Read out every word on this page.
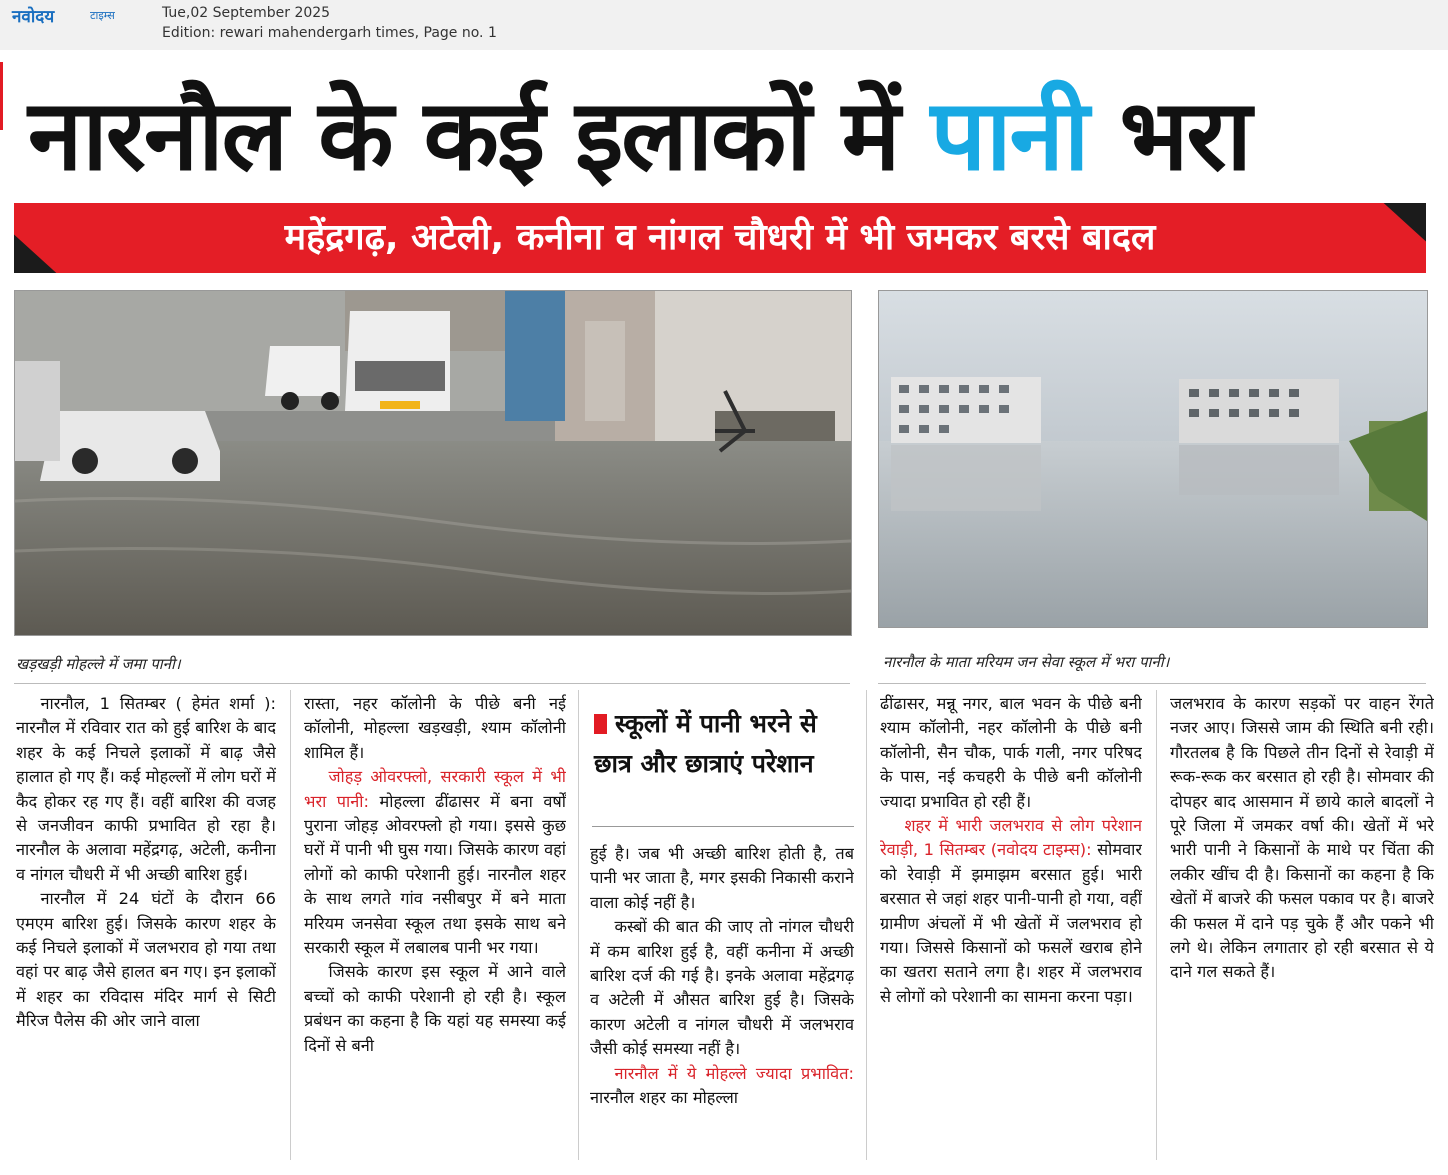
नवोदय	टाइम्स	Tue,02 September 2025
Edition: rewari mahendergarh times, Page no. 1
नारनौल के कई इलाकों में पानी भरा
महेंद्रगढ़, अटेली, कनीना व नांगल चौधरी में भी जमकर बरसे बादल
खड़खड़ी मोहल्ले में जमा पानी।	नारनौल के माता मरियम जन सेवा स्कूल में भरा पानी।

नारनौल, 1 सितम्बर ( हेमंत शर्मा ): नारनौल में रविवार रात को हुई बारिश के बाद शहर के कई निचले इलाकों में बाढ़ जैसे हालात हो गए हैं। कई मोहल्लों में लोग घरों में कैद होकर रह गए हैं। वहीं बारिश की वजह से जनजीवन काफी प्रभावित हो रहा है। नारनौल के अलावा महेंद्रगढ़, अटेली, कनीना व नांगल चौधरी में भी अच्छी बारिश हुई।

नारनौल में 24 घंटों के दौरान 66 एमएम बारिश हुई। जिसके कारण शहर के कई निचले इलाकों में जलभराव हो गया तथा वहां पर बाढ़ जैसे हालत बन गए। इन इलाकों में शहर का रविदास मंदिर मार्ग से सिटी मैरिज पैलेस की ओर जाने वाला

रास्ता, नहर कॉलोनी के पीछे बनी नई कॉलोनी, मोहल्ला खड़खड़ी, श्याम कॉलोनी शामिल हैं।

जोहड़ ओवरफ्लो, सरकारी स्कूल में भी भरा पानी: मोहल्ला ढींढासर में बना वर्षों पुराना जोहड़ ओवरफ्लो हो गया। इससे कुछ घरों में पानी भी घुस गया। जिसके कारण वहां लोगों को काफी परेशानी हुई। नारनौल शहर के साथ लगते गांव नसीबपुर में बने माता मरियम जनसेवा स्कूल तथा इसके साथ बने सरकारी स्कूल में लबालब पानी भर गया।

जिसके कारण इस स्कूल में आने वाले बच्चों को काफी परेशानी हो रही है। स्कूल प्रबंधन का कहना है कि यहां यह समस्या कई दिनों से बनी

स्कूलों में पानी भरने से छात्र और छात्राएं परेशान

हुई है। जब भी अच्छी बारिश होती है, तब पानी भर जाता है, मगर इसकी निकासी कराने वाला कोई नहीं है।

कस्बों की बात की जाए तो नांगल चौधरी में कम बारिश हुई है, वहीं कनीना में अच्छी बारिश दर्ज की गई है। इनके अलावा महेंद्रगढ़ व अटेली में औसत बारिश हुई है। जिसके कारण अटेली व नांगल चौधरी में जलभराव जैसी कोई समस्या नहीं है।

नारनौल में ये मोहल्ले ज्यादा प्रभावित: नारनौल शहर का मोहल्ला

ढींढासर, मन्नू नगर, बाल भवन के पीछे बनी श्याम कॉलोनी, नहर कॉलोनी के पीछे बनी कॉलोनी, सैन चौक, पार्क गली, नगर परिषद के पास, नई कचहरी के पीछे बनी कॉलोनी ज्यादा प्रभावित हो रही हैं।

शहर में भारी जलभराव से लोग परेशान रेवाड़ी, 1 सितम्बर (नवोदय टाइम्स): सोमवार को रेवाड़ी में झमाझम बरसात हुई। भारी बरसात से जहां शहर पानी-पानी हो गया, वहीं ग्रामीण अंचलों में भी खेतों में जलभराव हो गया। जिससे किसानों को फसलें खराब होने का खतरा सताने लगा है। शहर में जलभराव से लोगों को परेशानी का सामना करना पड़ा।

जलभराव के कारण सड़कों पर वाहन रेंगते नजर आए। जिससे जाम की स्थिति बनी रही। गौरतलब है कि पिछले तीन दिनों से रेवाड़ी में रूक-रूक कर बरसात हो रही है। सोमवार की दोपहर बाद आसमान में छाये काले बादलों ने पूरे जिला में जमकर वर्षा की। खेतों में भरे भारी पानी ने किसानों के माथे पर चिंता की लकीर खींच दी है। किसानों का कहना है कि खेतों में बाजरे की फसल पकाव पर है। बाजरे की फसल में दाने पड़ चुके हैं और पकने भी लगे थे। लेकिन लगातार हो रही बरसात से ये दाने गल सकते हैं।
